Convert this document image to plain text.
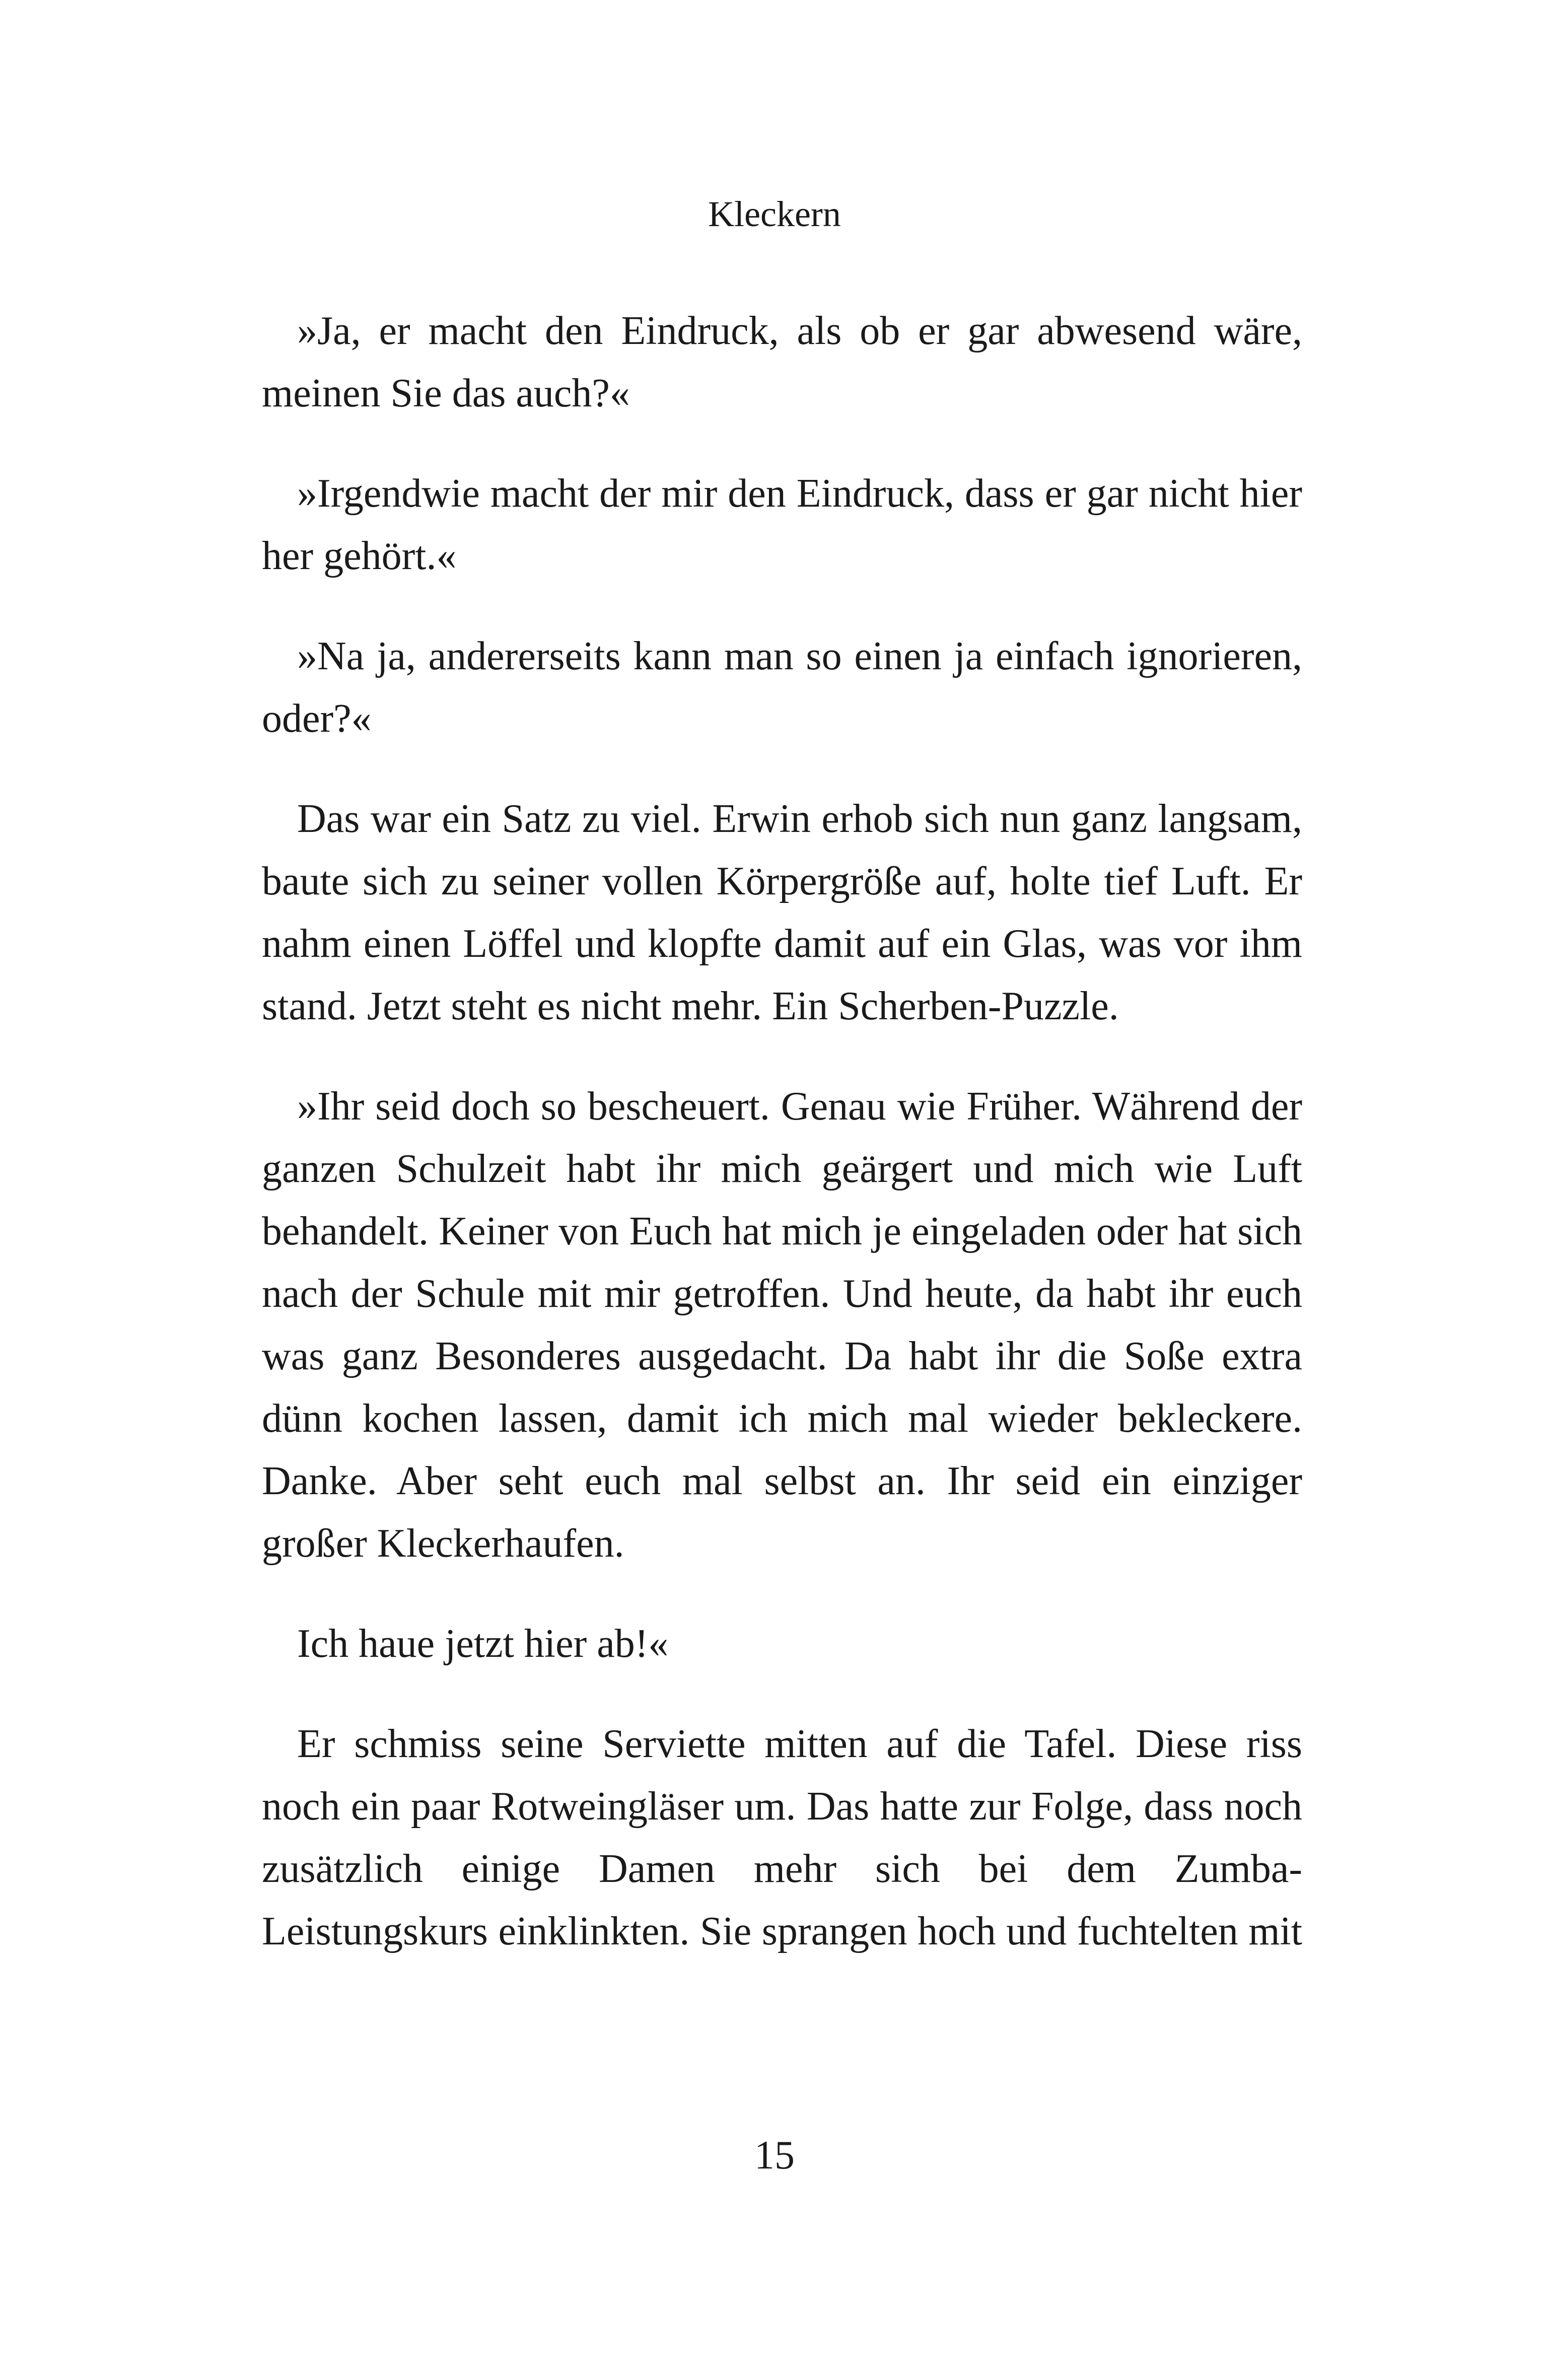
Kleckern

»Ja, er macht den Eindruck, als ob er gar abwesend wäre, meinen Sie das auch?«

»Irgendwie macht der mir den Eindruck, dass er gar nicht hier her gehört.«

»Na ja, andererseits kann man so einen ja einfach ignorieren, oder?«

Das war ein Satz zu viel. Erwin erhob sich nun ganz langsam, baute sich zu seiner vollen Körpergröße auf, holte tief Luft. Er nahm einen Löffel und klopfte damit auf ein Glas, was vor ihm stand. Jetzt steht es nicht mehr. Ein Scherben-Puzzle.

»Ihr seid doch so bescheuert. Genau wie Früher. Während der ganzen Schulzeit habt ihr mich geärgert und mich wie Luft behandelt. Keiner von Euch hat mich je eingeladen oder hat sich nach der Schule mit mir getroffen. Und heute, da habt ihr euch was ganz Besonderes ausgedacht. Da habt ihr die Soße extra dünn kochen lassen, damit ich mich mal wieder bekleckere. Danke. Aber seht euch mal selbst an. Ihr seid ein einziger großer Kleckerhaufen.

Ich haue jetzt hier ab!«

Er schmiss seine Serviette mitten auf die Tafel. Diese riss noch ein paar Rotweingläser um. Das hatte zur Folge, dass noch zusätzlich einige Damen mehr sich bei dem Zumba-Leistungskurs einklinkten. Sie sprangen hoch und fuchtelten mit

15
